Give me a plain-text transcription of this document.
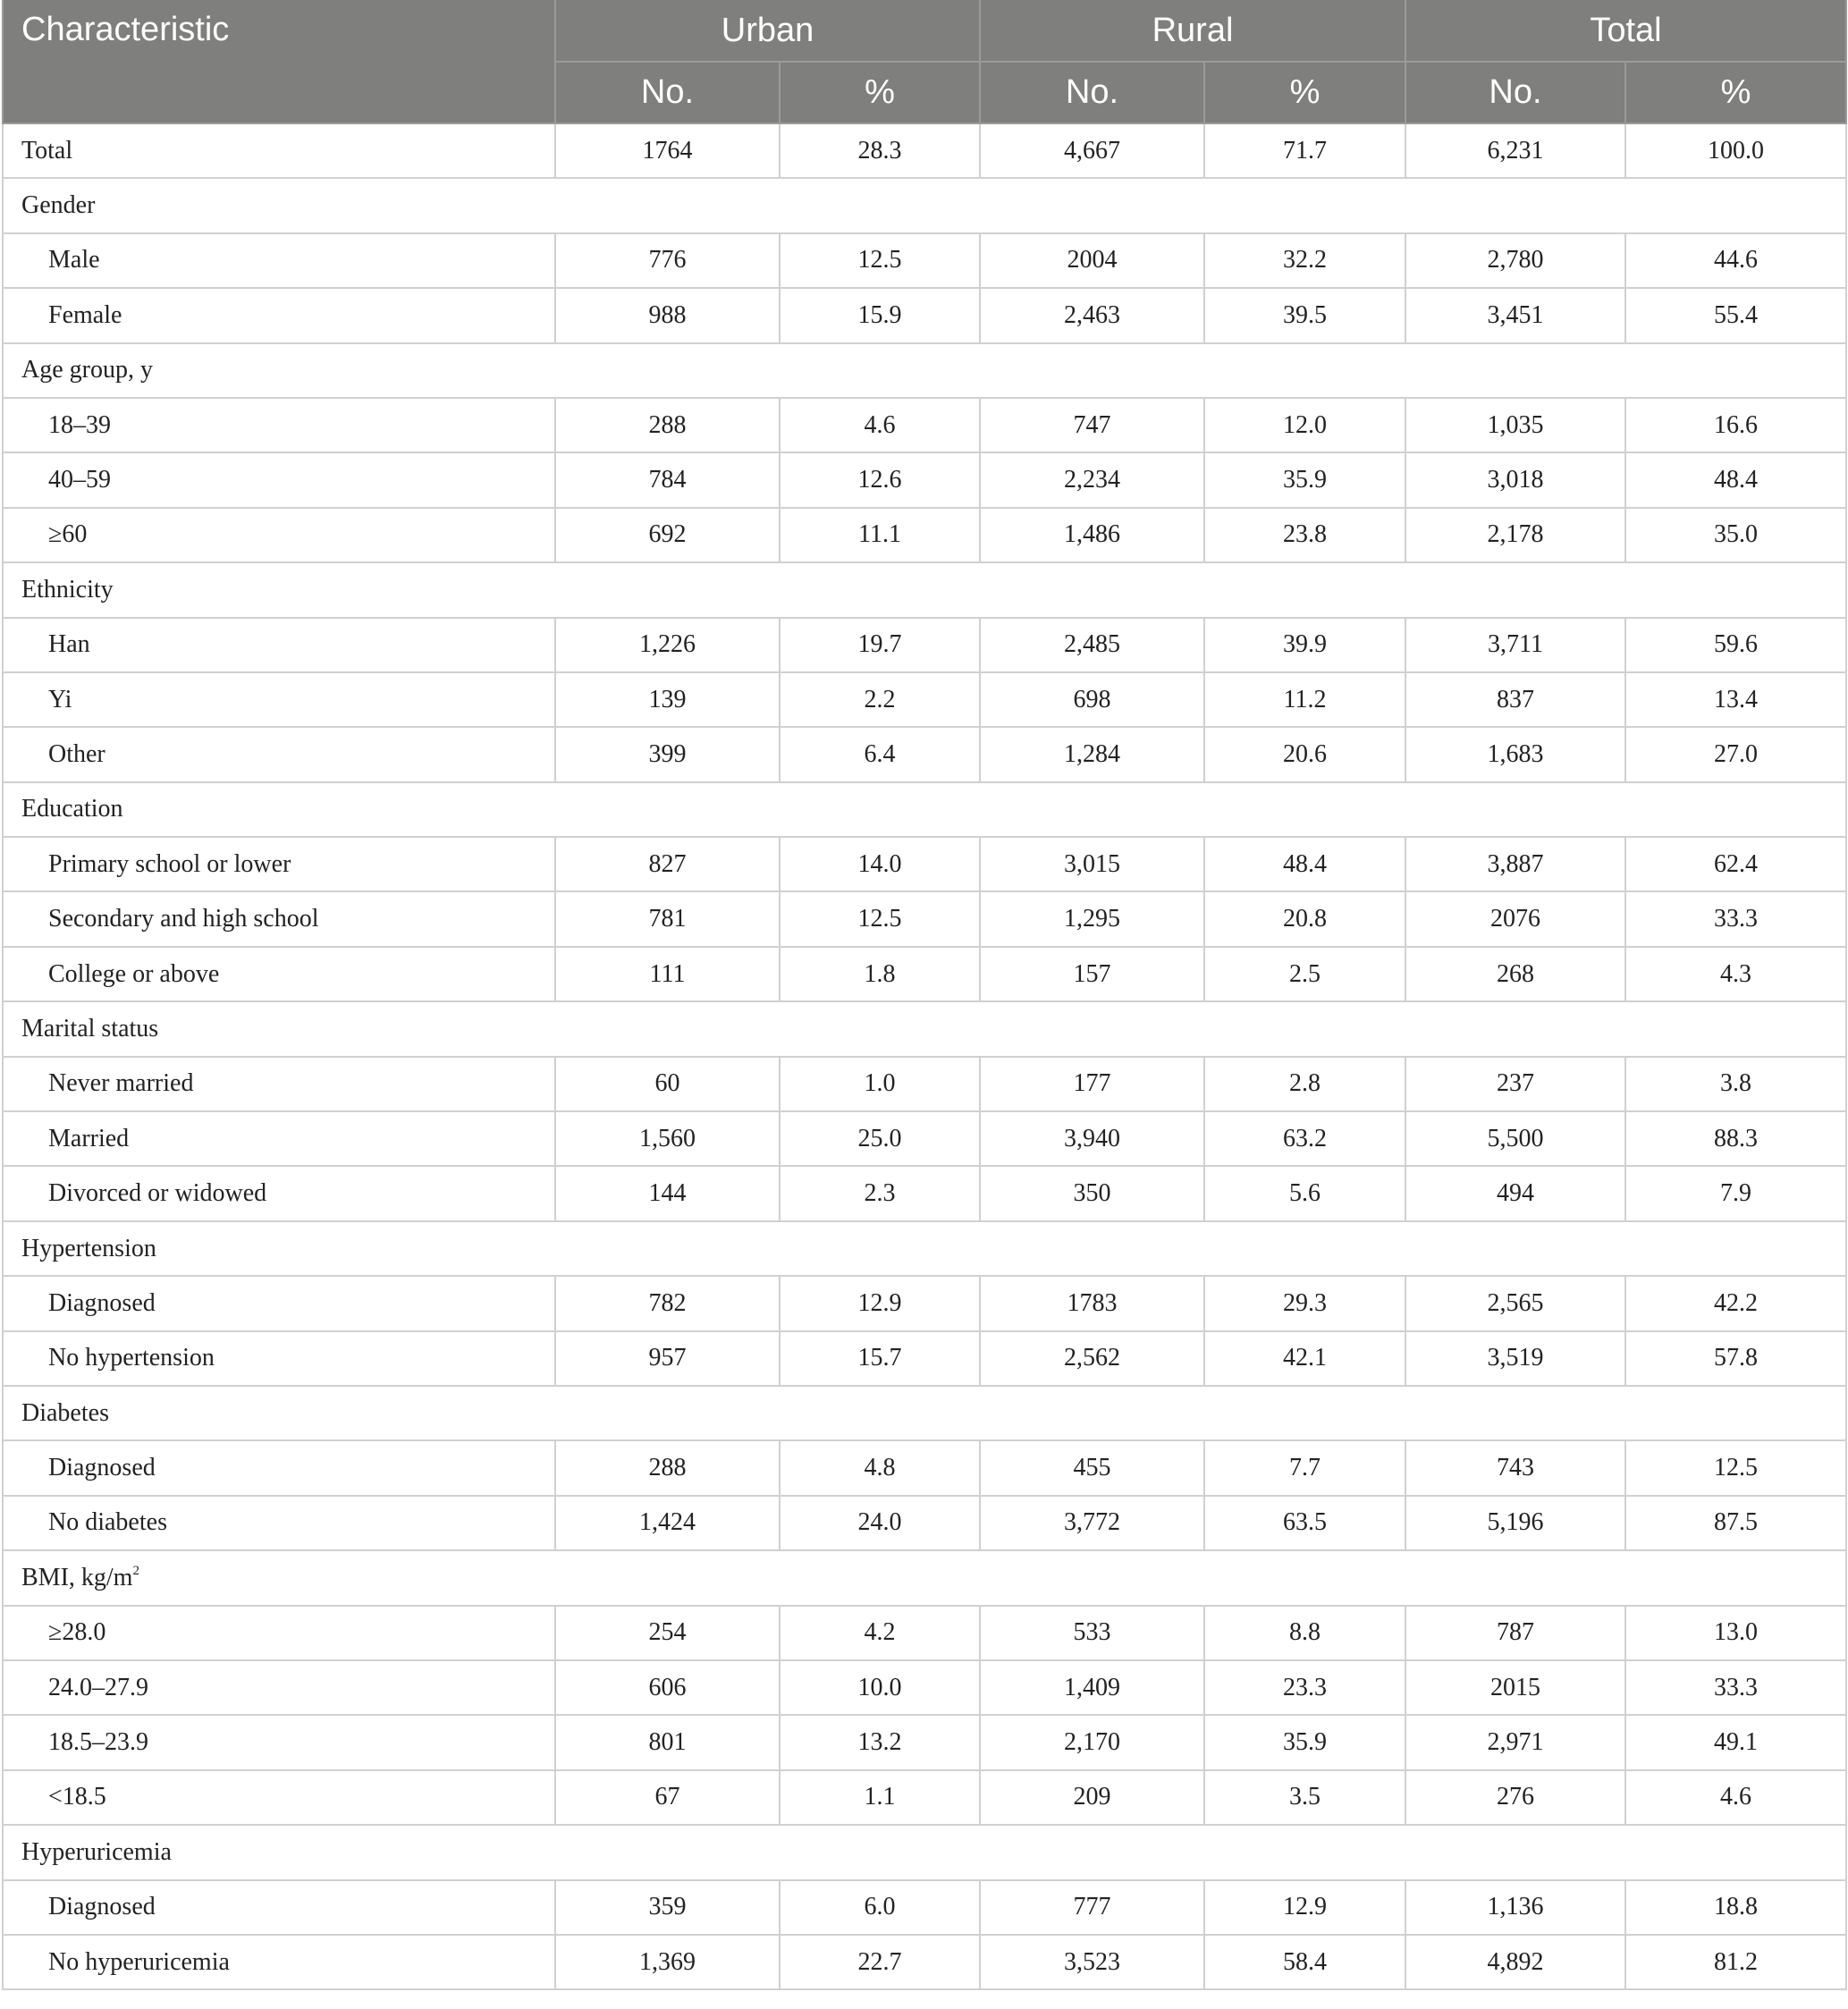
Characteristic	Urban		Rural		Total	
	No.	%	No.	%	No.	%
Total	1764	28.3	4,667	71.7	6,231	100.0
Gender						
Male	776	12.5	2004	32.2	2,780	44.6
Female	988	15.9	2,463	39.5	3,451	55.4
Age group, y						
18–39	288	4.6	747	12.0	1,035	16.6
40–59	784	12.6	2,234	35.9	3,018	48.4
≥60	692	11.1	1,486	23.8	2,178	35.0
Ethnicity						
Han	1,226	19.7	2,485	39.9	3,711	59.6
Yi	139	2.2	698	11.2	837	13.4
Other	399	6.4	1,284	20.6	1,683	27.0
Education						
Primary school or lower	827	14.0	3,015	48.4	3,887	62.4
Secondary and high school	781	12.5	1,295	20.8	2076	33.3
College or above	111	1.8	157	2.5	268	4.3
Marital status						
Never married	60	1.0	177	2.8	237	3.8
Married	1,560	25.0	3,940	63.2	5,500	88.3
Divorced or widowed	144	2.3	350	5.6	494	7.9
Hypertension						
Diagnosed	782	12.9	1783	29.3	2,565	42.2
No hypertension	957	15.7	2,562	42.1	3,519	57.8
Diabetes						
Diagnosed	288	4.8	455	7.7	743	12.5
No diabetes	1,424	24.0	3,772	63.5	5,196	87.5
BMI, $kg/m^2$
≥28.0	254	4.2	533	8.8	787	13.0
24.0–27.9	606	10.0	1,409	23.3	2015	33.3
18.5–23.9	801	13.2	2,170	35.9	2,971	49.1
<18.5	67	1.1	209	3.5	276	4.6
Hyperuricemia						
Diagnosed	359	6.0	777	12.9	1,136	18.8
No hyperuricemia	1,369	22.7	3,523	58.4	4,892	81.2
